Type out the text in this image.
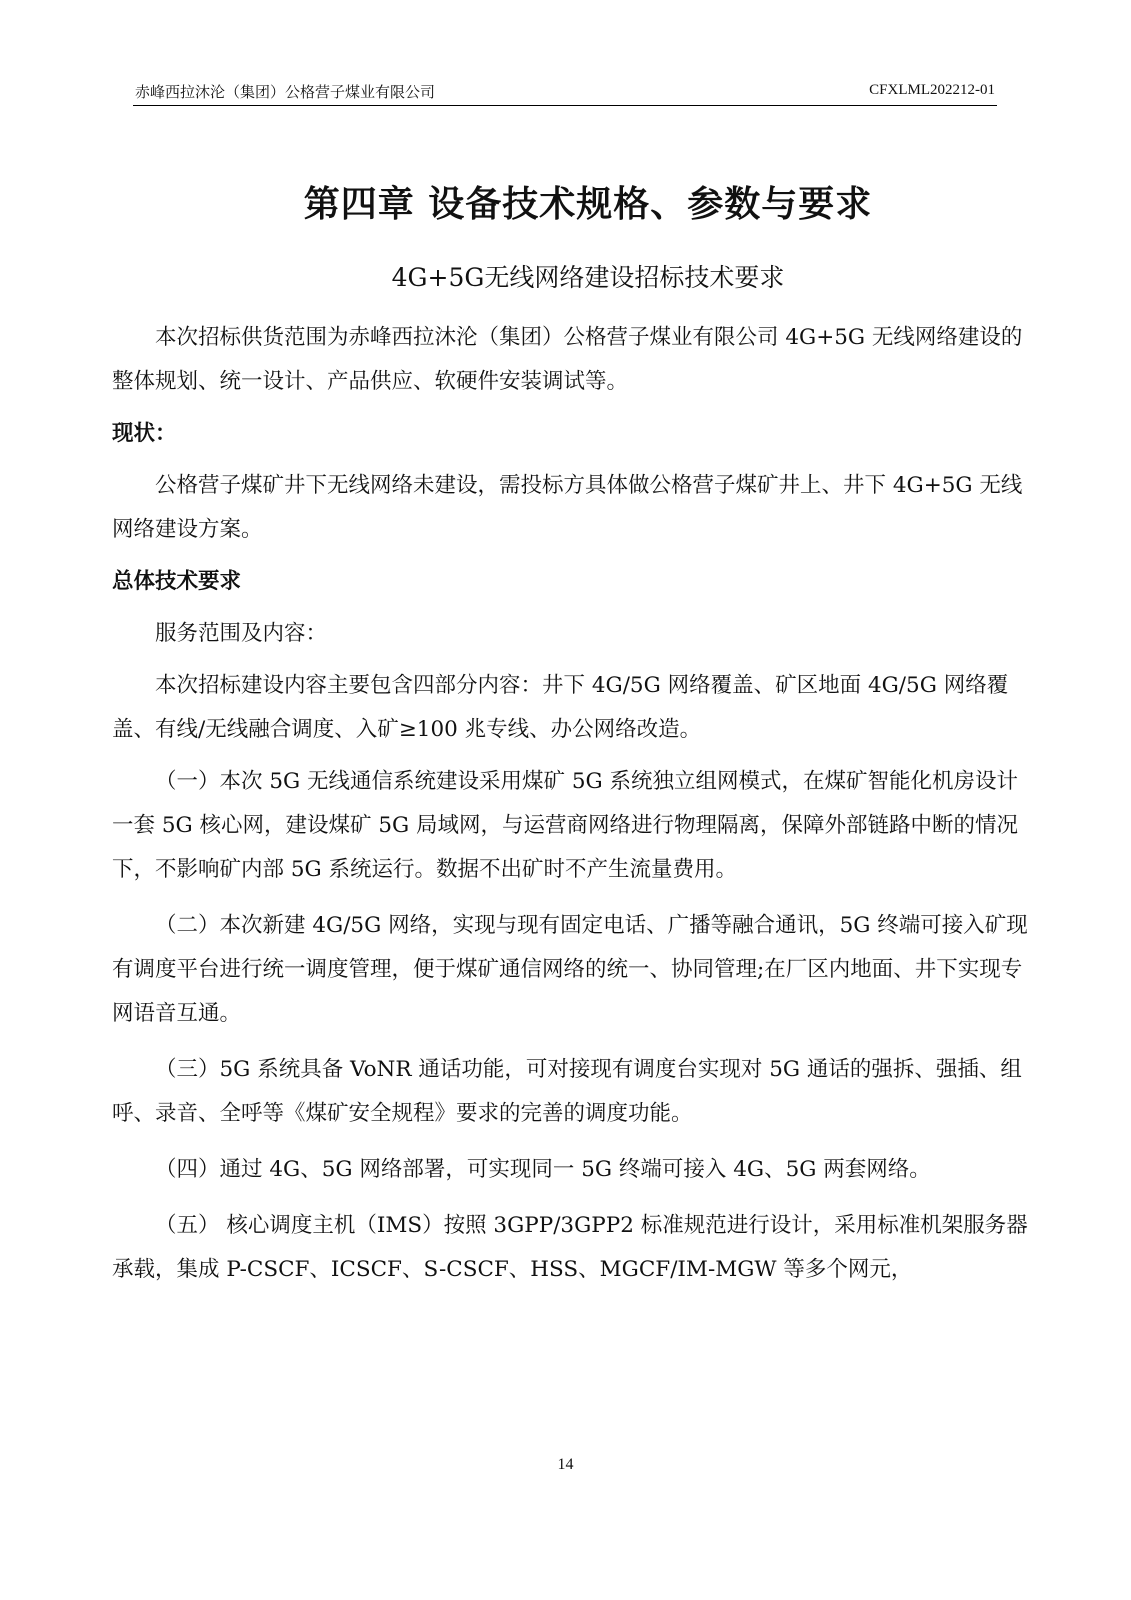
赤峰西拉沐沦（集团）公格营子煤业有限公司	CFXLML202212-01
第四章 设备技术规格、参数与要求
4G+5G无线网络建设招标技术要求

本次招标供货范围为赤峰西拉沐沦（集团）公格营子煤业有限公司 4G+5G 无线网络建设的整体规划、统一设计、产品供应、软硬件安装调试等。

现状：

公格营子煤矿井下无线网络未建设，需投标方具体做公格营子煤矿井上、井下 4G+5G 无线网络建设方案。

总体技术要求

服务范围及内容：

本次招标建设内容主要包含四部分内容：井下 4G/5G 网络覆盖、矿区地面 4G/5G 网络覆盖、有线/无线融合调度、入矿≥100 兆专线、办公网络改造。

（一）本次 5G 无线通信系统建设采用煤矿 5G 系统独立组网模式，在煤矿智能化机房设计一套 5G 核心网，建设煤矿 5G 局域网，与运营商网络进行物理隔离，保障外部链路中断的情况下，不影响矿内部 5G 系统运行。数据不出矿时不产生流量费用。

（二）本次新建 4G/5G 网络，实现与现有固定电话、广播等融合通讯，5G 终端可接入矿现有调度平台进行统一调度管理，便于煤矿通信网络的统一、协同管理;在厂区内地面、井下实现专网语音互通。

（三）5G 系统具备 VoNR 通话功能，可对接现有调度台实现对 5G 通话的强拆、强插、组呼、录音、全呼等《煤矿安全规程》要求的完善的调度功能。

（四）通过 4G、5G 网络部署，可实现同一 5G 终端可接入 4G、5G 两套网络。

（五） 核心调度主机（IMS）按照 3GPP/3GPP2 标准规范进行设计，采用标准机架服务器承载，集成 P-CSCF、ICSCF、S-CSCF、HSS、MGCF/IM-MGW 等多个网元，

14
